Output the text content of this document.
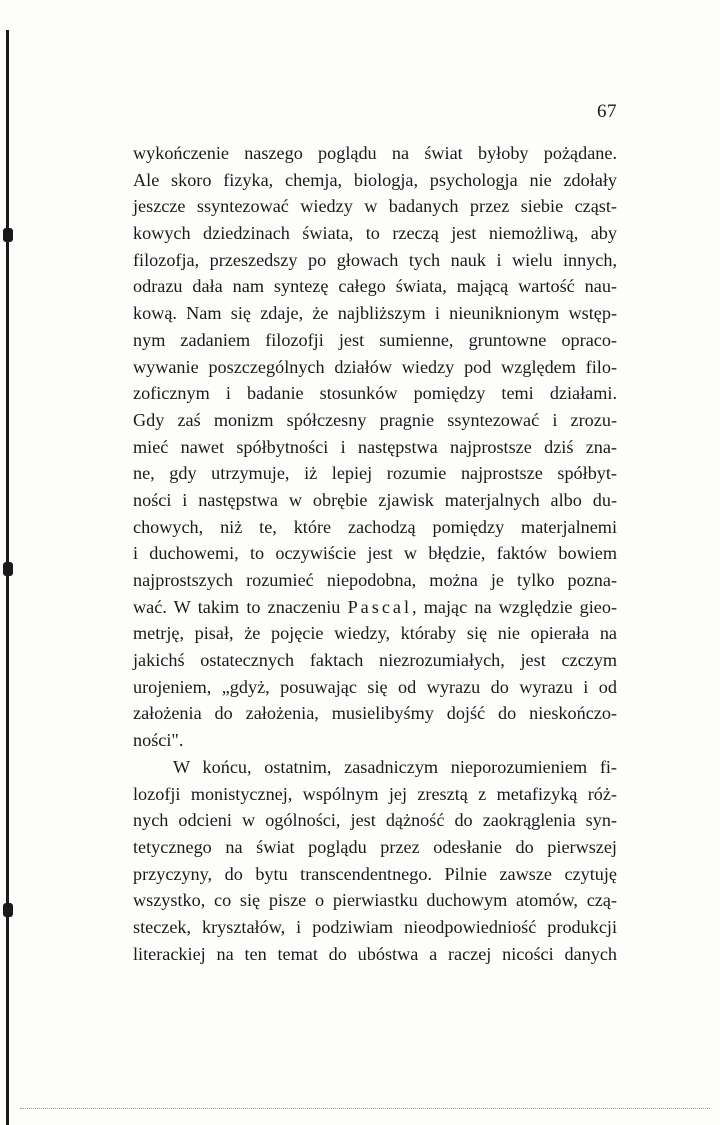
67
wykończenie naszego poglądu na świat byłoby pożądane.
Ale skoro fizyka, chemja, biologja, psychologja nie zdołały
jeszcze ssyntezować wiedzy w badanych przez siebie cząst-
kowych dziedzinach świata, to rzeczą jest niemożliwą, aby
filozofja, przeszedszy po głowach tych nauk i wielu innych,
odrazu dała nam syntezę całego świata, mającą wartość nau-
kową. Nam się zdaje, że najbliższym i nieuniknionym wstęp-
nym zadaniem filozofji jest sumienne, gruntowne opraco-
wywanie poszczególnych działów wiedzy pod względem filo-
zoficznym i badanie stosunków pomiędzy temi działami.
Gdy zaś monizm spółczesny pragnie ssyntezować i zrozu-
mieć nawet spółbytności i następstwa najprostsze dziś zna-
ne, gdy utrzymuje, iż lepiej rozumie najprostsze spółbyt-
ności i następstwa w obrębie zjawisk materjalnych albo du-
chowych, niż te, które zachodzą pomiędzy materjalnemi
i duchowemi, to oczywiście jest w błędzie, faktów bowiem
najprostszych rozumieć niepodobna, można je tylko pozna-
wać. W takim to znaczeniu Pascal, mając na względzie gieo-
metrję, pisał, że pojęcie wiedzy, któraby się nie opierała na
jakichś ostatecznych faktach niezrozumiałych, jest czczym
urojeniem, „gdyż, posuwając się od wyrazu do wyrazu i od
założenia do założenia, musielibyśmy dojść do nieskończo-
ności".
W końcu, ostatnim, zasadniczym nieporozumieniem fi-
lozofji monistycznej, wspólnym jej zresztą z metafizyką róż-
nych odcieni w ogólności, jest dążność do zaokrąglenia syn-
tetycznego na świat poglądu przez odesłanie do pierwszej
przyczyny, do bytu transcendentnego. Pilnie zawsze czytuję
wszystko, co się pisze o pierwiastku duchowym atomów, czą-
steczek, kryształów, i podziwiam nieodpowiedniość produkcji
literackiej na ten temat do ubóstwa a raczej nicości danych
